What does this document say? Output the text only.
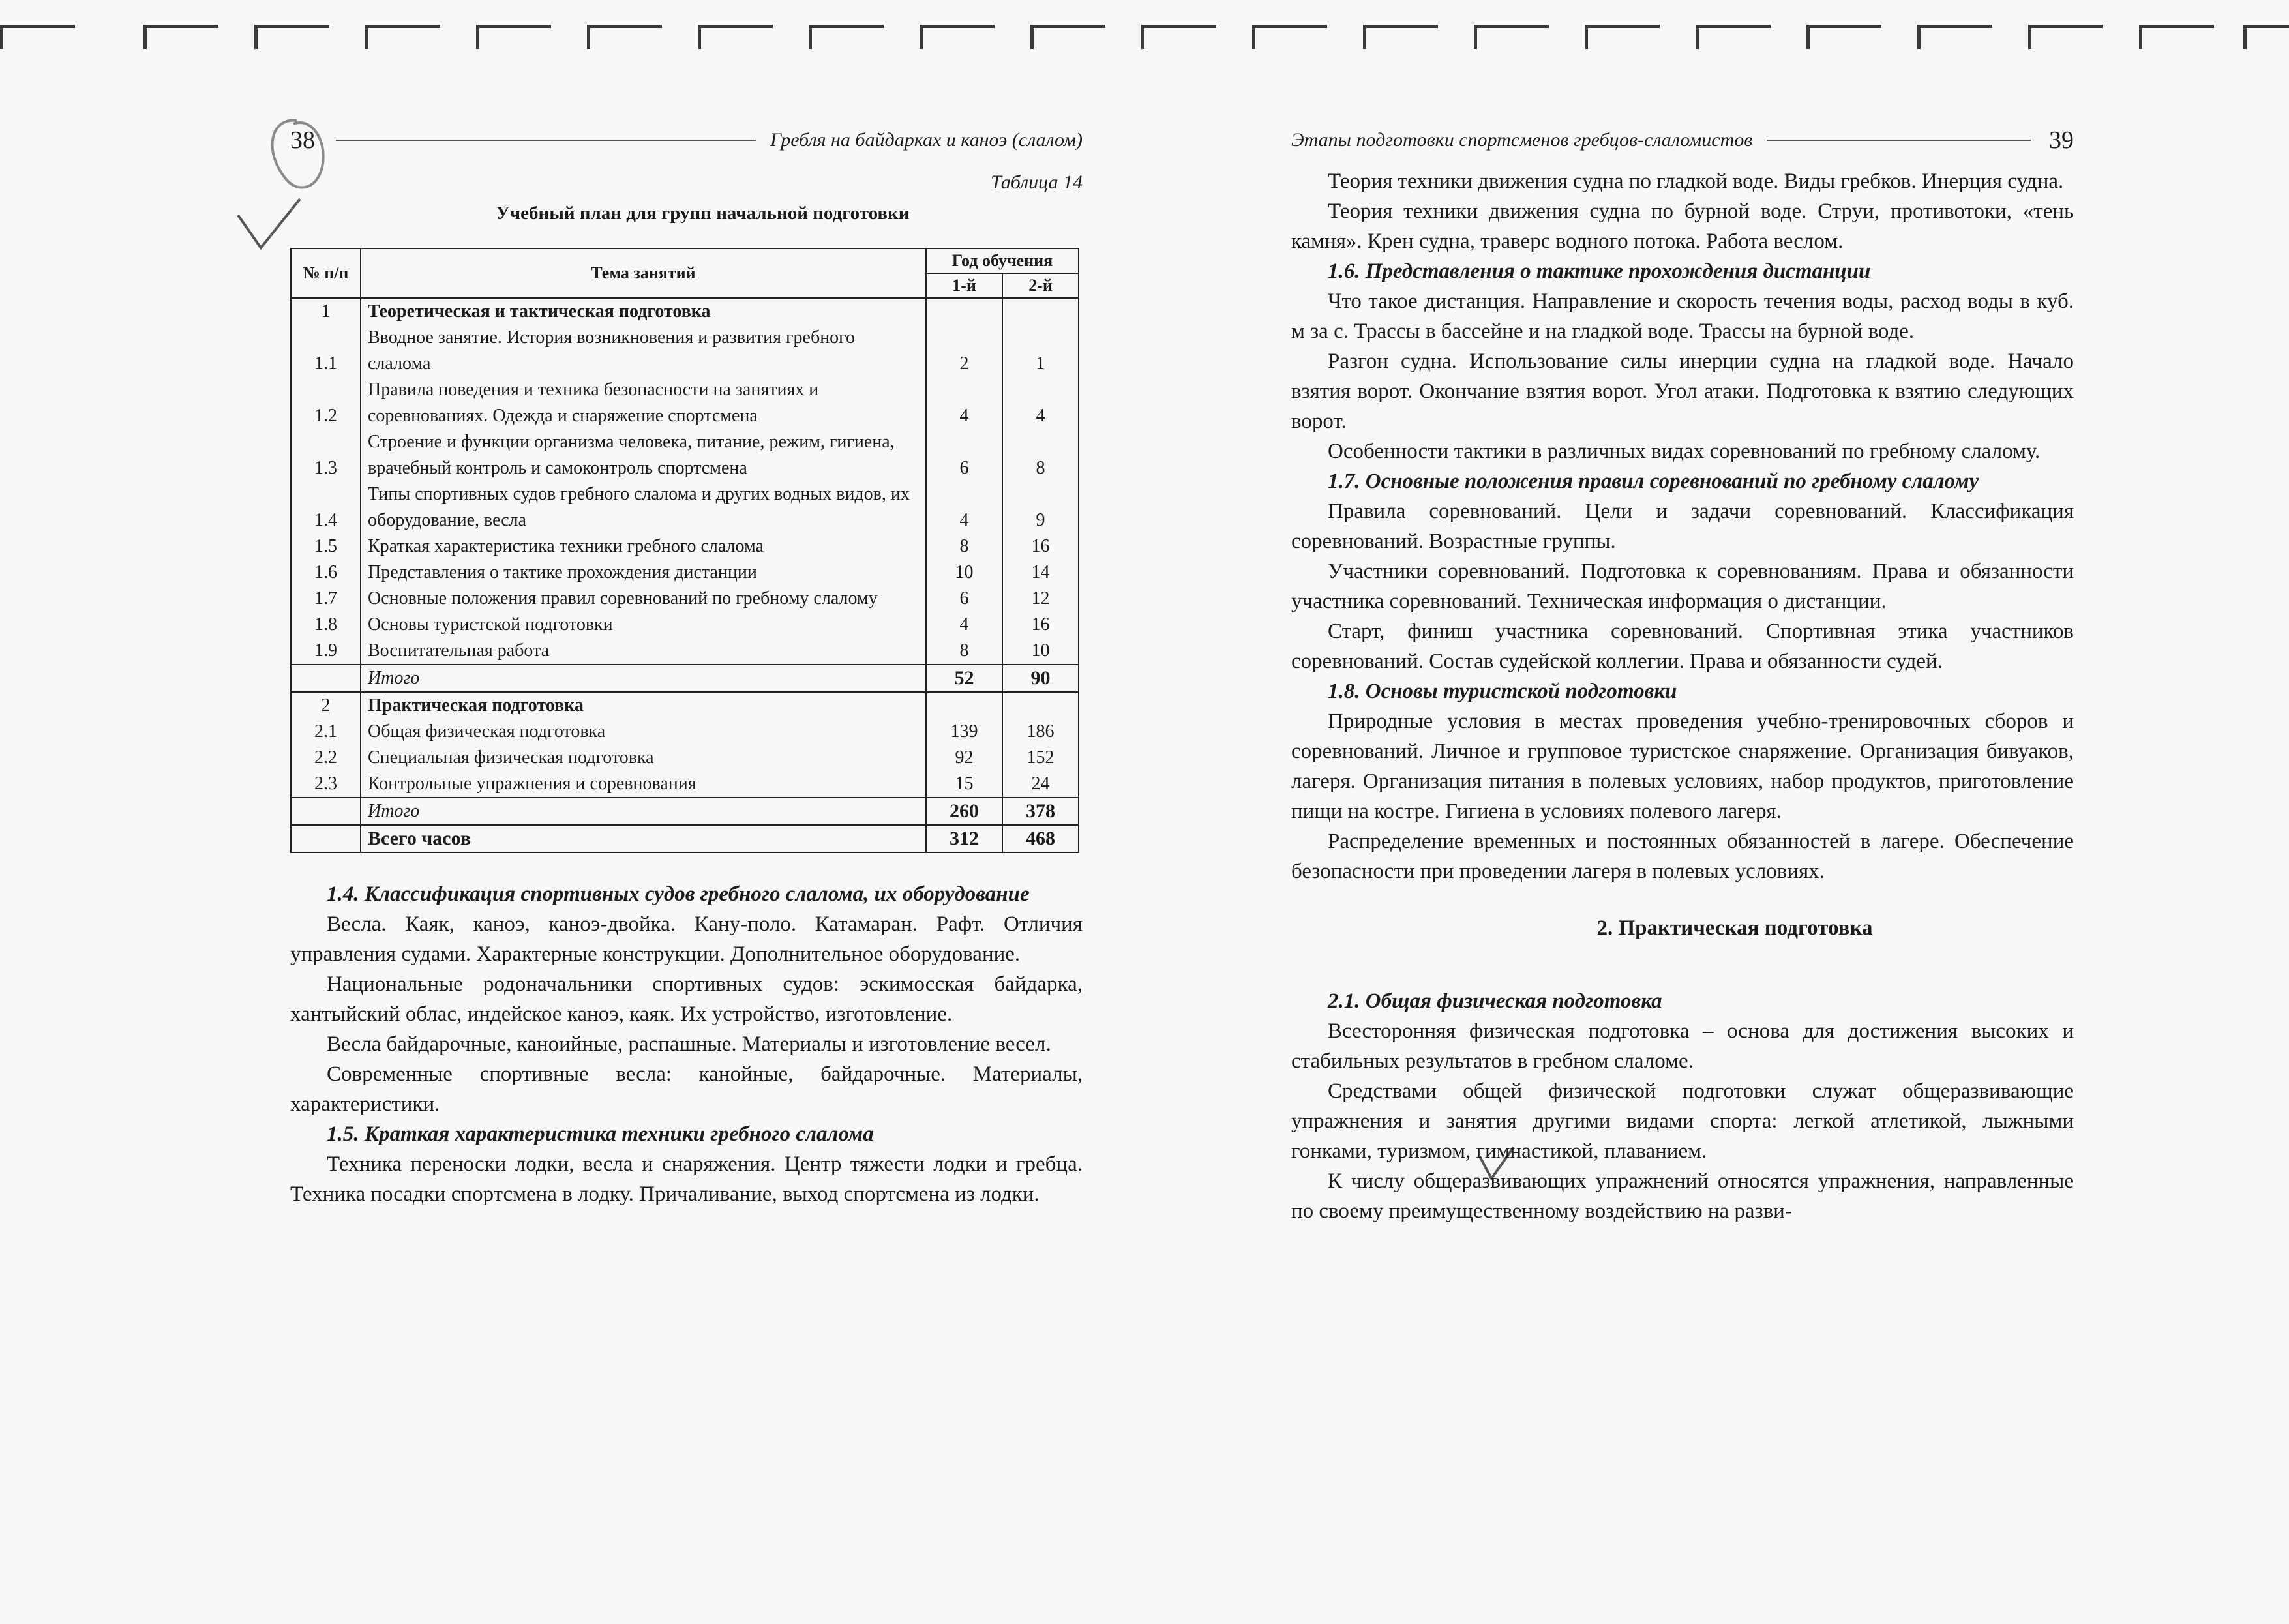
38	Гребля на байдарках и каноэ (слалом)
Таблица 14
Учебный план для групп начальной подготовки
№ п/п	Тема занятий	Год обучения	
		1-й	2-й
1	Теоретическая и тактическая подготовка		
1.1	Вводное занятие. История возникновения и развития гребного слалома	2	1
1.2	Правила поведения и техника безопасности на занятиях и соревнованиях. Одежда и снаряжение спортсмена	4	4
1.3	Строение и функции организма человека, питание, режим, гигиена, врачебный контроль и самоконтроль спортсмена	6	8
1.4	Типы спортивных судов гребного слалома и других водных видов, их оборудование, весла	4	9
1.5	Краткая характеристика техники гребного слалома	8	16
1.6	Представления о тактике прохождения дистанции	10	14
1.7	Основные положения правил соревнований по гребному слалому	6	12
1.8	Основы туристской подготовки	4	16
1.9	Воспитательная работа	8	10
	Итого	52	90
2	Практическая подготовка		
2.1	Общая физическая подготовка	139	186
2.2	Специальная физическая подготовка	92	152
2.3	Контрольные упражнения и соревнования	15	24
	Итого	260	378
	Всего часов	312	468
1.4. Классификация спортивных судов гребного слалома, их оборудование

Весла. Каяк, каноэ, каноэ-двойка. Кану-поло. Катамаран. Рафт. Отличия управления судами. Характерные конструкции. Дополнительное оборудование.

Национальные родоначальники спортивных судов: эскимосская байдарка, хантыйский облас, индейское каноэ, каяк. Их устройство, изготовление.

Весла байдарочные, каноийные, распашные. Материалы и изготовление весел.

Современные спортивные весла: канойные, байдарочные. Материалы, характеристики.

1.5. Краткая характеристика техники гребного слалома

Техника переноски лодки, весла и снаряжения. Центр тяжести лодки и гребца. Техника посадки спортсмена в лодку. Причаливание, выход спортсмена из лодки.

Этапы подготовки спортсменов гребцов-слаломистов	39

Теория техники движения судна по гладкой воде. Виды гребков. Инерция судна.

Теория техники движения судна по бурной воде. Струи, противотоки, «тень камня». Крен судна, траверс водного потока. Работа веслом.

1.6. Представления о тактике прохождения дистанции

Что такое дистанция. Направление и скорость течения воды, расход воды в куб. м за с. Трассы в бассейне и на гладкой воде. Трассы на бурной воде.

Разгон судна. Использование силы инерции судна на гладкой воде. Начало взятия ворот. Окончание взятия ворот. Угол атаки. Подготовка к взятию следующих ворот.

Особенности тактики в различных видах соревнований по гребному слалому.

1.7. Основные положения правил соревнований по гребному слалому

Правила соревнований. Цели и задачи соревнований. Классификация соревнований. Возрастные группы.

Участники соревнований. Подготовка к соревнованиям. Права и обязанности участника соревнований. Техническая информация о дистанции.

Старт, финиш участника соревнований. Спортивная этика участников соревнований. Состав судейской коллегии. Права и обязанности судей.

1.8. Основы туристской подготовки

Природные условия в местах проведения учебно-тренировочных сборов и соревнований. Личное и групповое туристское снаряжение. Организация бивуаков, лагеря. Организация питания в полевых условиях, набор продуктов, приготовление пищи на костре. Гигиена в условиях полевого лагеря.

Распределение временных и постоянных обязанностей в лагере. Обеспечение безопасности при проведении лагеря в полевых условиях.

2. Практическая подготовка
2.1. Общая физическая подготовка

Всесторонняя физическая подготовка – основа для достижения высоких и стабильных результатов в гребном слаломе.

Средствами общей физической подготовки служат общеразвивающие упражнения и занятия другими видами спорта: легкой атлетикой, лыжными гонками, туризмом, гимнастикой, плаванием.

К числу общеразвивающих упражнений относятся упражнения, направленные по своему преимущественному воздействию на разви-
